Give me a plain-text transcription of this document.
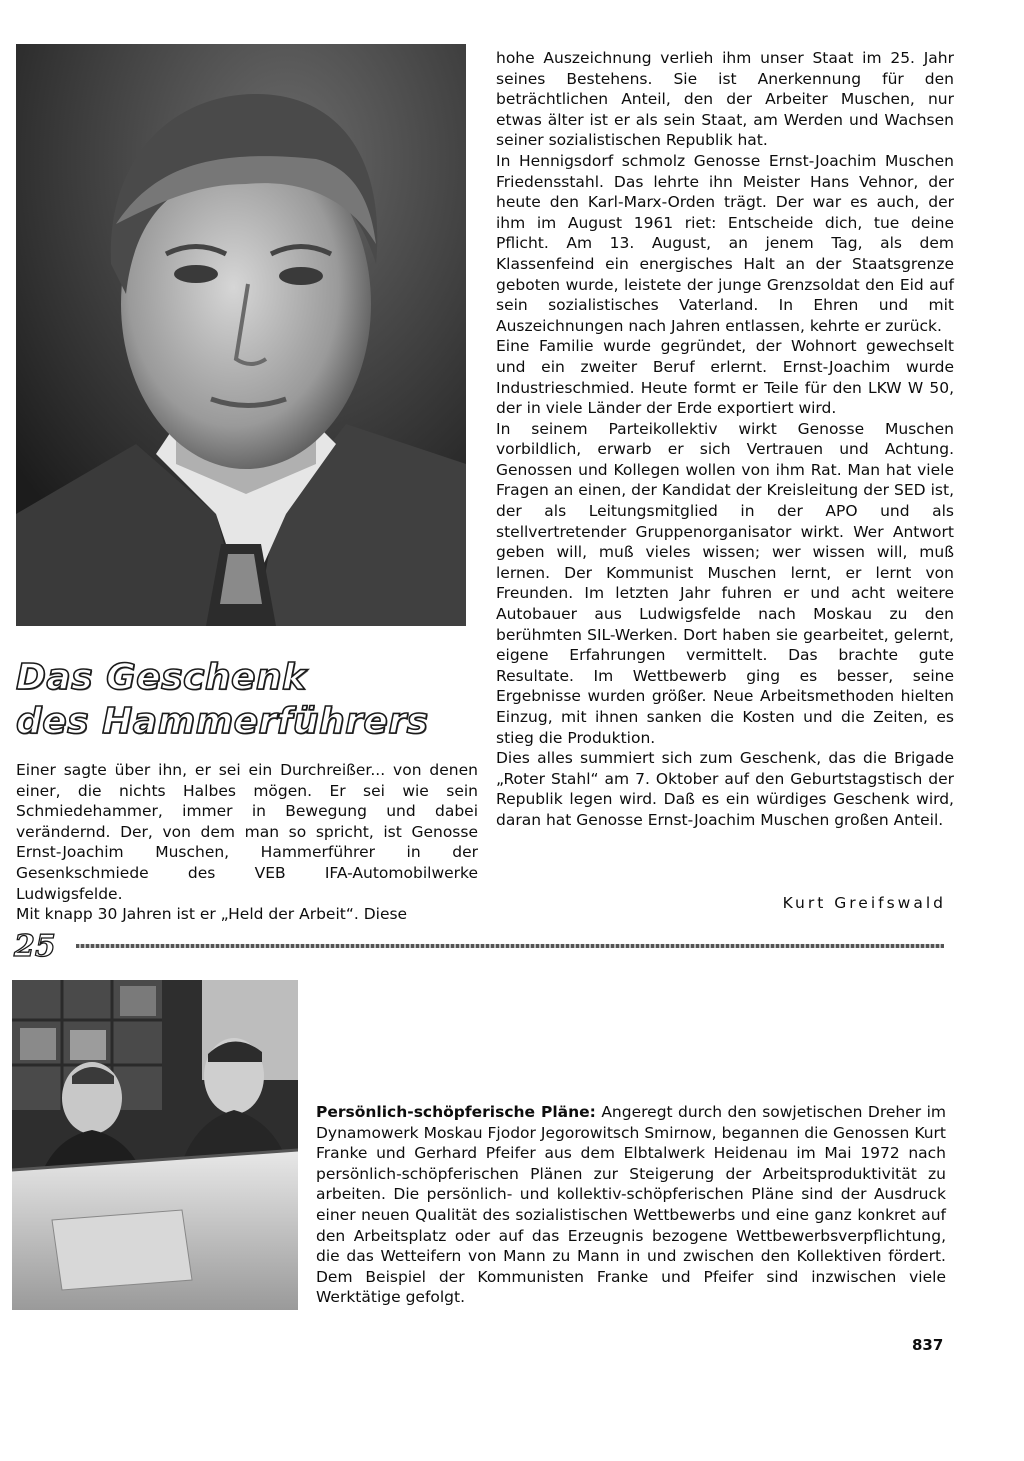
hohe Auszeichnung verlieh ihm unser Staat im 25. Jahr seines Bestehens. Sie ist Anerkennung für den beträchtlichen Anteil, den der Arbeiter Muschen, nur etwas älter ist er als sein Staat, am Werden und Wachsen seiner sozialistischen Republik hat.

In Hennigsdorf schmolz Genosse Ernst-Joachim Muschen Friedensstahl. Das lehrte ihn Meister Hans Vehnor, der heute den Karl-Marx-Orden trägt. Der war es auch, der ihm im August 1961 riet: Entscheide dich, tue deine Pflicht. Am 13. August, an jenem Tag, als dem Klassenfeind ein energisches Halt an der Staatsgrenze geboten wurde, leistete der junge Grenzsoldat den Eid auf sein sozialistisches Vaterland. In Ehren und mit Auszeichnungen nach Jahren entlassen, kehrte er zurück.

Eine Familie wurde gegründet, der Wohnort gewechselt und ein zweiter Beruf erlernt. Ernst-Joachim wurde Industrieschmied. Heute formt er Teile für den LKW W 50, der in viele Länder der Erde exportiert wird.

In seinem Parteikollektiv wirkt Genosse Muschen vorbildlich, erwarb er sich Vertrauen und Achtung. Genossen und Kollegen wollen von ihm Rat. Man hat viele Fragen an einen, der Kandidat der Kreisleitung der SED ist, der als Leitungsmitglied in der APO und als stellvertretender Gruppenorganisator wirkt. Wer Antwort geben will, muß vieles wissen; wer wissen will, muß lernen. Der Kommunist Muschen lernt, er lernt von Freunden. Im letzten Jahr fuhren er und acht weitere Autobauer aus Ludwigsfelde nach Moskau zu den berühmten SIL-Werken. Dort haben sie gearbeitet, gelernt, eigene Erfahrungen vermittelt. Das brachte gute Resultate. Im Wettbewerb ging es besser, seine Ergebnisse wurden größer. Neue Arbeitsmethoden hielten Einzug, mit ihnen sanken die Kosten und die Zeiten, es stieg die Produktion.

Dies alles summiert sich zum Geschenk, das die Brigade „Roter Stahl“ am 7. Oktober auf den Geburtstagstisch der Republik legen wird. Daß es ein würdiges Geschenk wird, daran hat Genosse Ernst-Joachim Muschen großen Anteil.

Das Geschenk
des Hammerführers

Einer sagte über ihn, er sei ein Durchreißer... von denen einer, die nichts Halbes mögen. Er sei wie sein Schmiedehammer, immer in Bewegung und dabei verändernd. Der, von dem man so spricht, ist Genosse Ernst-Joachim Muschen, Hammerführer in der Gesenkschmiede des VEB IFA-Automobilwerke Ludwigsfelde.

Mit knapp 30 Jahren ist er „Held der Arbeit“. Diese

Kurt Greifswald
25

Persönlich-schöpferische Pläne: Angeregt durch den sowjetischen Dreher im Dynamowerk Moskau Fjodor Jegorowitsch Smirnow, begannen die Genossen Kurt Franke und Gerhard Pfeifer aus dem Elbtalwerk Heidenau im Mai 1972 nach persönlich-schöpferischen Plänen zur Steigerung der Arbeitsproduktivität zu arbeiten. Die persönlich- und kollektiv-schöpferischen Pläne sind der Ausdruck einer neuen Qualität des sozialistischen Wettbewerbs und eine ganz konkret auf den Arbeitsplatz oder auf das Erzeugnis bezogene Wettbewerbsverpflichtung, die das Wetteifern von Mann zu Mann in und zwischen den Kollektiven fördert. Dem Beispiel der Kommunisten Franke und Pfeifer sind inzwischen viele Werktätige gefolgt.

837
